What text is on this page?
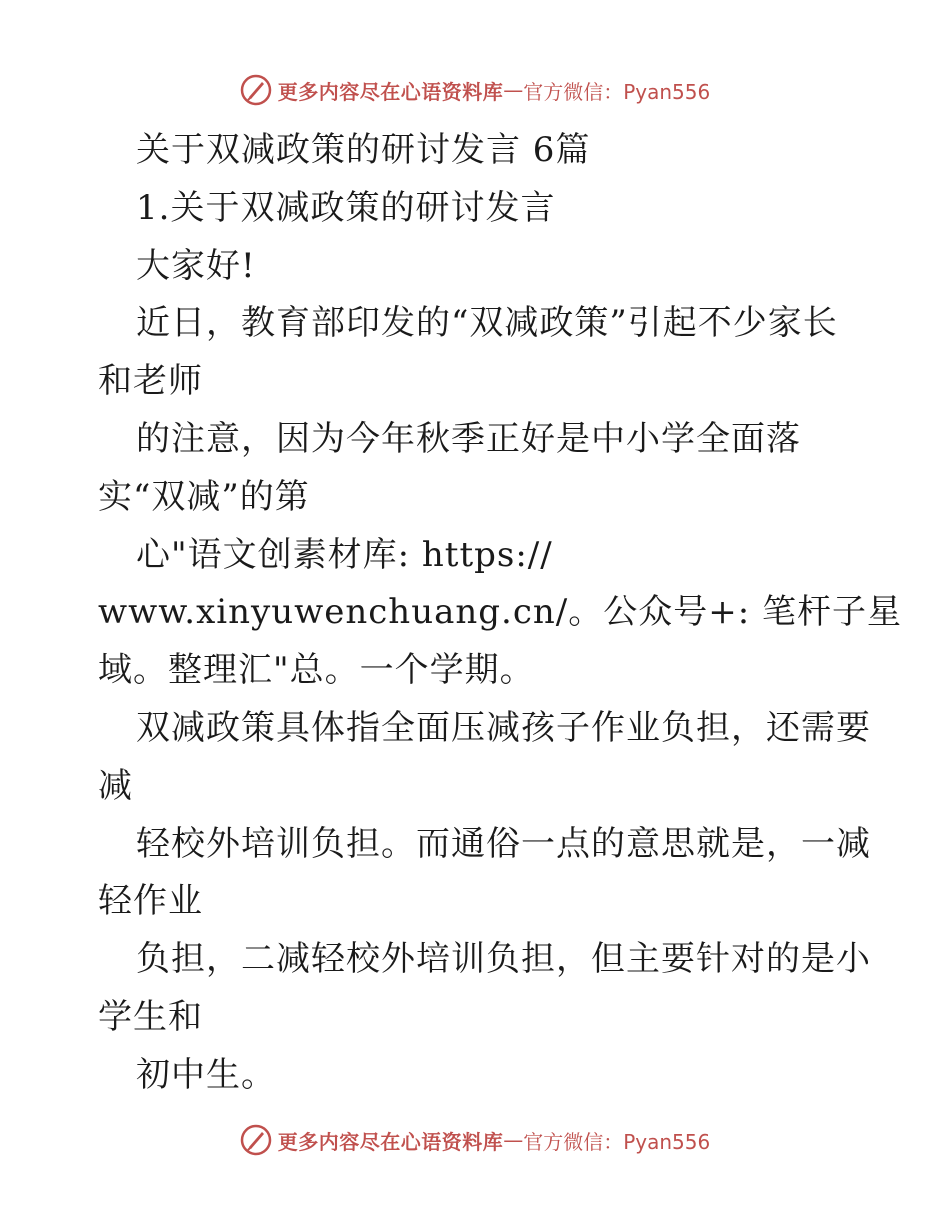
更多内容尽在心语资料库 — 官方微信：Pyan556
关于双减政策的研讨发言 6篇
1.关于双减政策的研讨发言
大家好!
近日，教育部印发的“双减政策”引起不少家长
和老师
的注意，因为今年秋季正好是中小学全面落
实“双减”的第
心"语文创素材库: https://
www.xinyuwenchuang.cn/。公众号+: 笔杆子星
域。整理汇"总。一个学期。
双减政策具体指全面压减孩子作业负担，还需要
减
轻校外培训负担。而通俗一点的意思就是，一减
轻作业
负担，二减轻校外培训负担，但主要针对的是小
学生和
初中生。
更多内容尽在心语资料库 — 官方微信：Pyan556
